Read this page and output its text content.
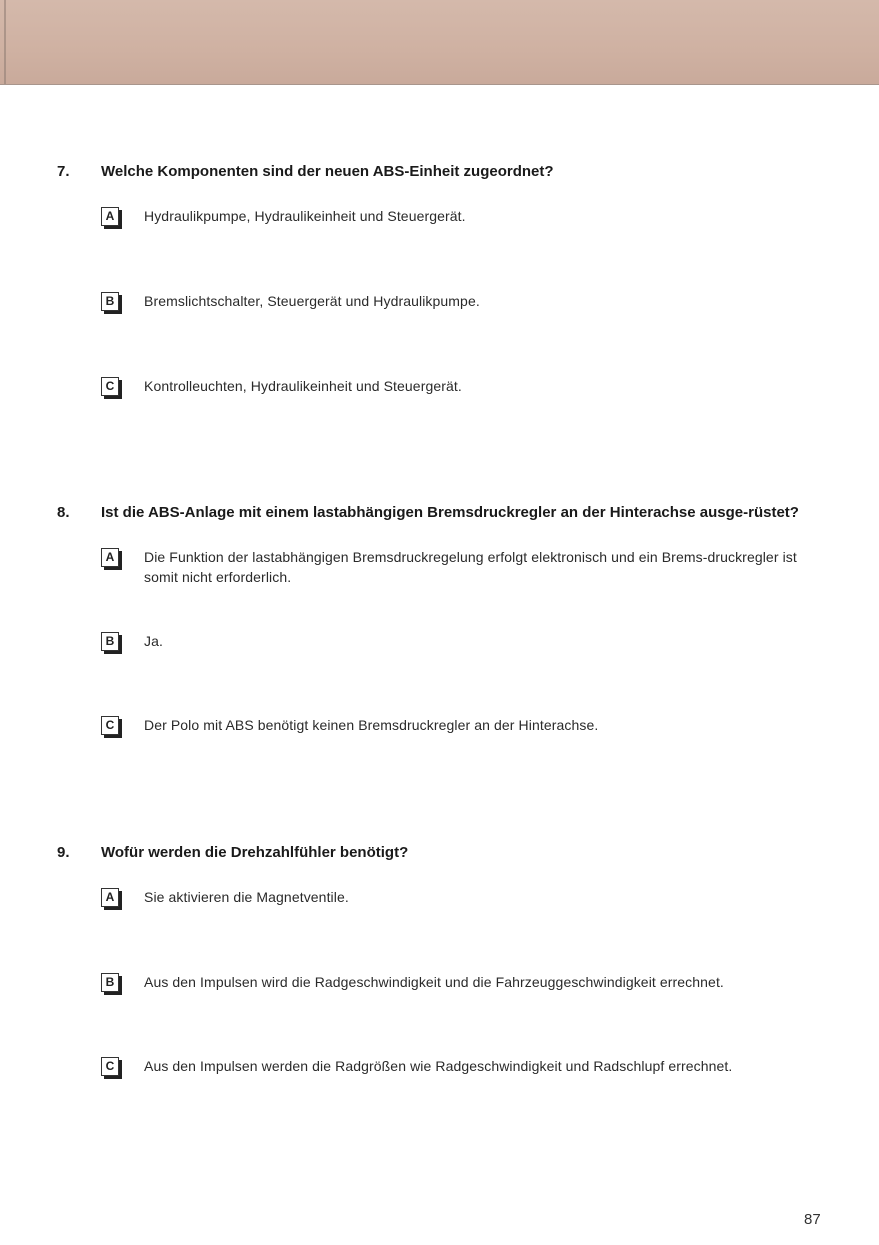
7. Welche Komponenten sind der neuen ABS-Einheit zugeordnet?
A	Hydraulikpumpe, Hydraulikeinheit und Steuergerät.
B	Bremslichtschalter, Steuergerät und Hydraulikpumpe.
C	Kontrolleuchten, Hydraulikeinheit und Steuergerät.
8. Ist die ABS-Anlage mit einem lastabhängigen Bremsdruckregler an der Hinterachse ausge-rüstet?
A	Die Funktion der lastabhängigen Bremsdruckregelung erfolgt elektronisch und ein Brems-druckregler ist somit nicht erforderlich.
B	Ja.
C	Der Polo mit ABS benötigt keinen Bremsdruckregler an der Hinterachse.
9. Wofür werden die Drehzahlfühler benötigt?
A	Sie aktivieren die Magnetventile.
B	Aus den Impulsen wird die Radgeschwindigkeit und die Fahrzeuggeschwindigkeit errechnet.
C	Aus den Impulsen werden die Radgrößen wie Radgeschwindigkeit und Radschlupf errechnet.
87
